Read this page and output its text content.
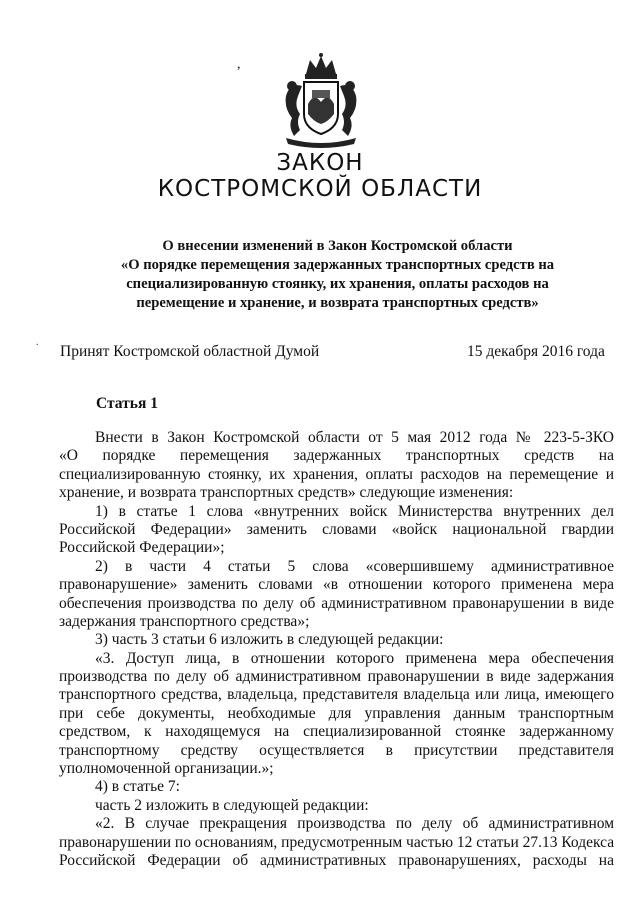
,
ЗАКОН
КОСТРОМСКОЙ ОБЛАСТИ
О внесении изменений в Закон Костромской области
«О порядке перемещения задержанных транспортных средств на
специализированную стоянку, их хранения, оплаты расходов на
перемещение и хранение, и возврата транспортных средств»
.
Принят Костромской областной Думой	15 декабря 2016 года
Статья 1
Внести в Закон Костромской области от 5 мая 2012 года № 223-5-ЗКО
«О порядке перемещения задержанных транспортных средств на
специализированную стоянку, их хранения, оплаты расходов на перемещение и
хранение, и возврата транспортных средств» следующие изменения:
1) в статье 1 слова «внутренних войск Министерства внутренних дел
Российской Федерации» заменить словами «войск национальной гвардии
Российской Федерации»;
2) в части 4 статьи 5 слова «совершившему административное
правонарушение» заменить словами «в отношении которого применена мера
обеспечения производства по делу об административном правонарушении в виде
задержания транспортного средства»;
3) часть 3 статьи 6 изложить в следующей редакции:
«3. Доступ лица, в отношении которого применена мера обеспечения
производства по делу об административном правонарушении в виде задержания
транспортного средства, владельца, представителя владельца или лица, имеющего
при себе документы, необходимые для управления данным транспортным
средством, к находящемуся на специализированной стоянке задержанному
транспортному средству осуществляется в присутствии представителя
уполномоченной организации.»;
4) в статье 7:
часть 2 изложить в следующей редакции:
«2. В случае прекращения производства по делу об административном
правонарушении по основаниям, предусмотренным частью 12 статьи 27.13 Кодекса
Российской Федерации об административных правонарушениях, расходы на
